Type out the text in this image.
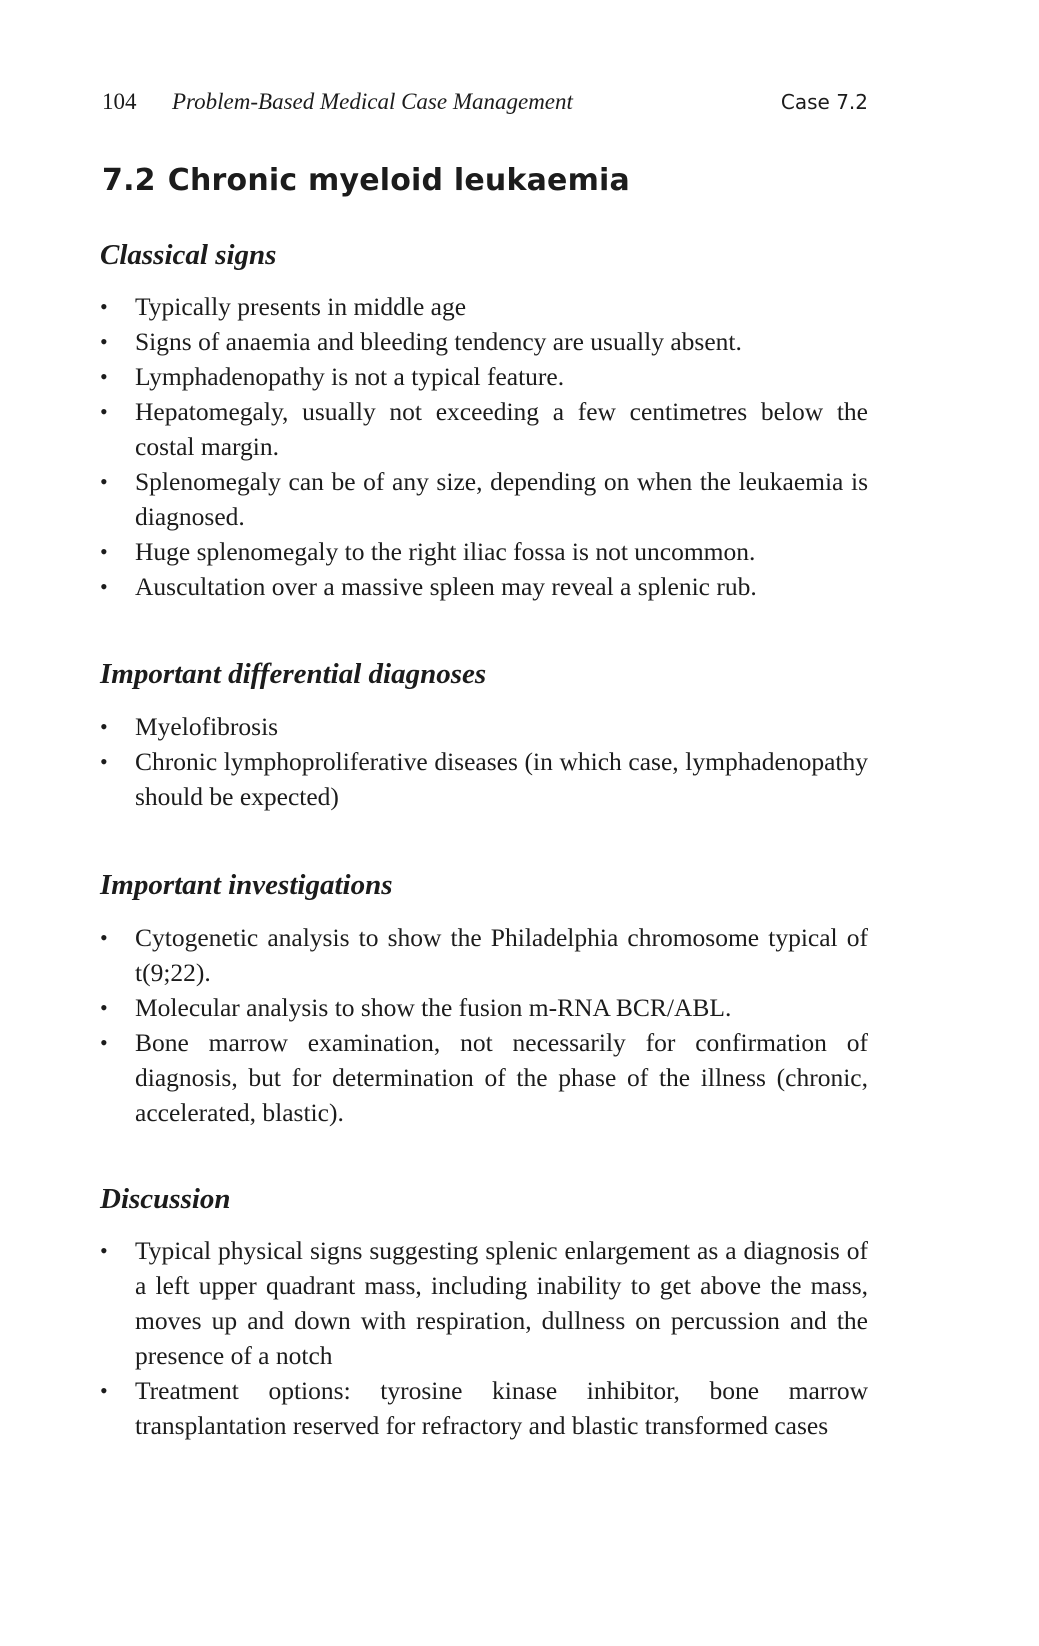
104 Problem-Based Medical Case Management	Case 7.2
7.2 Chronic myeloid leukaemia
Classical signs
• Typically presents in middle age
• Signs of anaemia and bleeding tendency are usually absent.
• Lymphadenopathy is not a typical feature.
• Hepatomegaly, usually not exceeding a few centimetres below the costal margin.
• Splenomegaly can be of any size, depending on when the leukaemia is diagnosed.
• Huge splenomegaly to the right iliac fossa is not uncommon.
• Auscultation over a massive spleen may reveal a splenic rub.
Important differential diagnoses
• Myelofibrosis
• Chronic lymphoproliferative diseases (in which case, lymphadenopathy should be expected)
Important investigations
• Cytogenetic analysis to show the Philadelphia chromosome typical of t(9;22).
• Molecular analysis to show the fusion m-RNA BCR/ABL.
• Bone marrow examination, not necessarily for confirmation of diagnosis, but for determination of the phase of the illness (chronic, accelerated, blastic).
Discussion
• Typical physical signs suggesting splenic enlargement as a diagnosis of a left upper quadrant mass, including inability to get above the mass, moves up and down with respiration, dullness on percussion and the presence of a notch
• Treatment options: tyrosine kinase inhibitor, bone marrow transplantation reserved for refractory and blastic transformed cases
